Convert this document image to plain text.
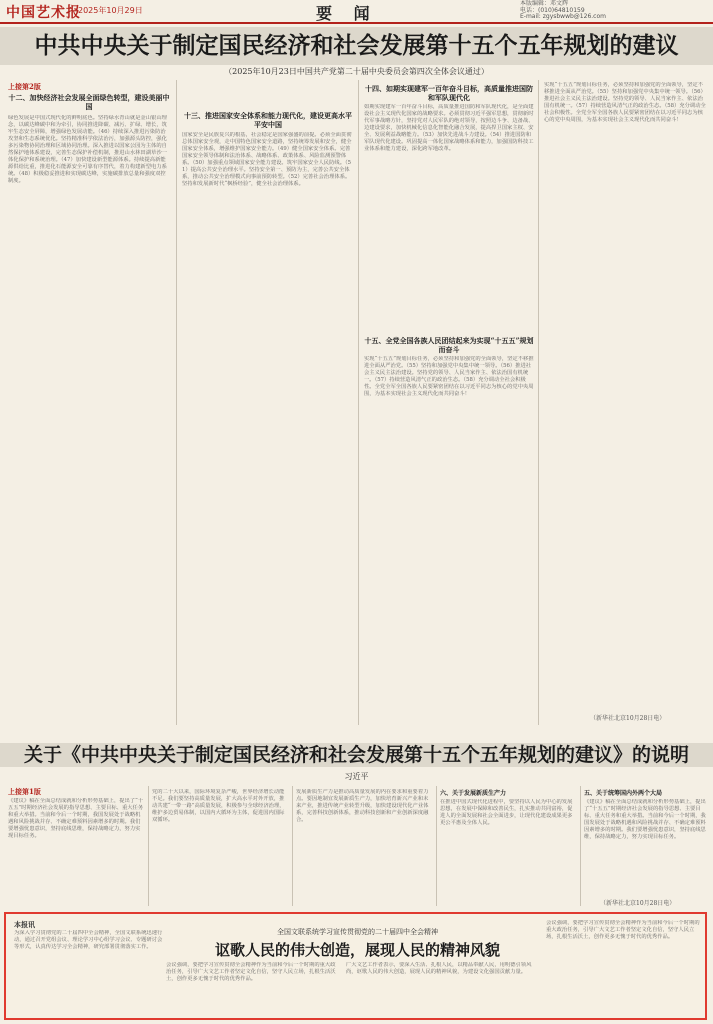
中国艺术报
2025年10月29日	要 闻
本版编辑：邓文辉
电话：(010)64810159
E-mail: zgysbwwb@126.com
中共中央关于制定国民经济和社会发展第十五个五年规划的建议
（2025年10月23日中国共产党第二十届中央委员会第四次全体会议通过）
上接第2版
十二、加快经济社会发展全面绿色转型，建设美丽中国
绿色发展是中国式现代化的鲜明底色。坚持绿水青山就是金山银山理念，以碳达峰碳中和为牵引，协同推进降碳、减污、扩绿、增长，筑牢生态安全屏障，增强绿色发展动能。（46）持续深入推进污染防治攻坚和生态系统优化。坚持精准科学依法治污，加强源头防控，强化多污染物协同治理和区域协同治理。深入推进以国家公园为主体的自然保护地体系建设，完善生态保护补偿机制，推进山水林田湖草沙一体化保护和系统治理。（47）加快建设新型能源体系。持续提高新能源供给比重，推进化石能源安全可靠有序替代，着力构建新型电力系统。（48）积极稳妥推进和实现碳达峰，实施碳排放总量和强度双控制度。
十三、推进国家安全体系和能力现代化，建设更高水平平安中国
国家安全是民族复兴的根基，社会稳定是国家强盛的前提。必须全面贯彻总体国家安全观，走中国特色国家安全道路，坚持统筹发展和安全，健全国家安全体系，增强维护国家安全能力。（49）健全国家安全体系。完善国家安全领导体制和法治体系、战略体系、政策体系、风险监测预警体系。（50）加强重点领域国家安全能力建设。筑牢国家安全人民防线。（51）提高公共安全治理水平。坚持安全第一、预防为主，完善公共安全体系，推动公共安全治理模式向事前预防转型。（52）完善社会治理体系。坚持和发展新时代“枫桥经验”，健全社会治理体系。
十四、如期实现建军一百年奋斗目标，高质量推进国防和军队现代化
如期实现建军一百年奋斗目标，高质量推进国防和军队现代化，是全面建设社会主义现代化国家的战略要求。必须贯彻习近平强军思想，贯彻新时代军事战略方针，坚持党对人民军队的绝对领导，按照边斗争、边备战、边建设要求，加快机械化信息化智能化融合发展，提高捍卫国家主权、安全、发展利益战略能力。（53）加快先进战斗力建设。（54）推进国防和军队现代化建设。巩固提高一体化国家战略体系和能力，加强国防科技工业体系和能力建设，深化跨军地改革。
十五、全党全国各族人民团结起来为实现“十五五”规划而奋斗
实现“十五五”规划目标任务，必须坚持和加强党的全面领导，坚定不移推进全面从严治党。（55）坚持和加强党中央集中统一领导。（56）推进社会主义民主法治建设。坚持党的领导、人民当家作主、依法治国有机统一。（57）持续营造风清气正的政治生态。（58）充分调动全社会积极性。全党全军全国各族人民要紧密团结在以习近平同志为核心的党中央周围，为基本实现社会主义现代化而共同奋斗！
实现“十五五”规划目标任务，必须坚持和加强党的全面领导，坚定不移推进全面从严治党。（55）坚持和加强党中央集中统一领导。（56）推进社会主义民主法治建设。坚持党的领导、人民当家作主、依法治国有机统一。（57）持续营造风清气正的政治生态。（58）充分调动全社会积极性。全党全军全国各族人民要紧密团结在以习近平同志为核心的党中央周围，为基本实现社会主义现代化而共同奋斗！
（新华社北京10月28日电）
关于《中共中央关于制定国民经济和社会发展第十五个五年规划的建议》的说明
习近平
上接第1版
《建议》稿在全面总结成就和分析形势基础上，提出了“十五五”时期经济社会发展的指导思想、主要目标、重大任务和重大举措。当前和今后一个时期，我国发展处于战略机遇和风险挑战并存、不确定难预料因素增多的时期。我们要增强忧患意识，坚持底线思维，保持战略定力，努力实现目标任务。
党的二十大以来，国际环境复杂严峻，世界经济增长动能不足。我们要坚持高质量发展，扩大高水平对外开放，推动共建“一带一路”高质量发展，积极参与全球经济治理，维护多边贸易体制，以国内大循环为主体，促进国内国际双循环。
发展新质生产力是推动高质量发展的内在要求和重要着力点。要因地制宜发展新质生产力，加快培育新兴产业和未来产业，推进传统产业转型升级，加快建设现代化产业体系，完善科技创新体系，推动科技创新和产业创新深度融合。
六、关于发展新质生产力
在推进中国式现代化进程中，要坚持以人民为中心的发展思想，在发展中保障和改善民生，扎实推动共同富裕，促进人的全面发展和社会全面进步，让现代化建设成果更多更公平惠及全体人民。
五、关于统筹国内外两个大局
《建议》稿在全面总结成就和分析形势基础上，提出了“十五五”时期经济社会发展的指导思想、主要目标、重大任务和重大举措。当前和今后一个时期，我国发展处于战略机遇和风险挑战并存、不确定难预料因素增多的时期。我们要增强忧患意识，坚持底线思维，保持战略定力，努力实现目标任务。
（新华社北京10月28日电）
全国文联系统学习宣传贯彻党的二十届四中全会精神
讴歌人民的伟大创造，展现人民的精神风貌
本报讯
为深入学习贯彻党的二十届四中全会精神，全国文联系统迅速行动，通过召开党组会议、理论学习中心组学习会议、专题研讨会等形式，认真传达学习全会精神，研究部署贯彻落实工作。
会议强调，要把学习宣传贯彻全会精神作为当前和今后一个时期的重大政治任务，引导广大文艺工作者坚定文化自信，坚守人民立场，扎根生活沃土，创作更多无愧于时代的优秀作品。
广大文艺工作者表示，要深入生活、扎根人民，以精品奉献人民，用明德引领风尚，讴歌人民的伟大创造，展现人民的精神风貌，为建设文化强国贡献力量。
会议强调，要把学习宣传贯彻全会精神作为当前和今后一个时期的重大政治任务，引导广大文艺工作者坚定文化自信，坚守人民立场，扎根生活沃土，创作更多无愧于时代的优秀作品。
